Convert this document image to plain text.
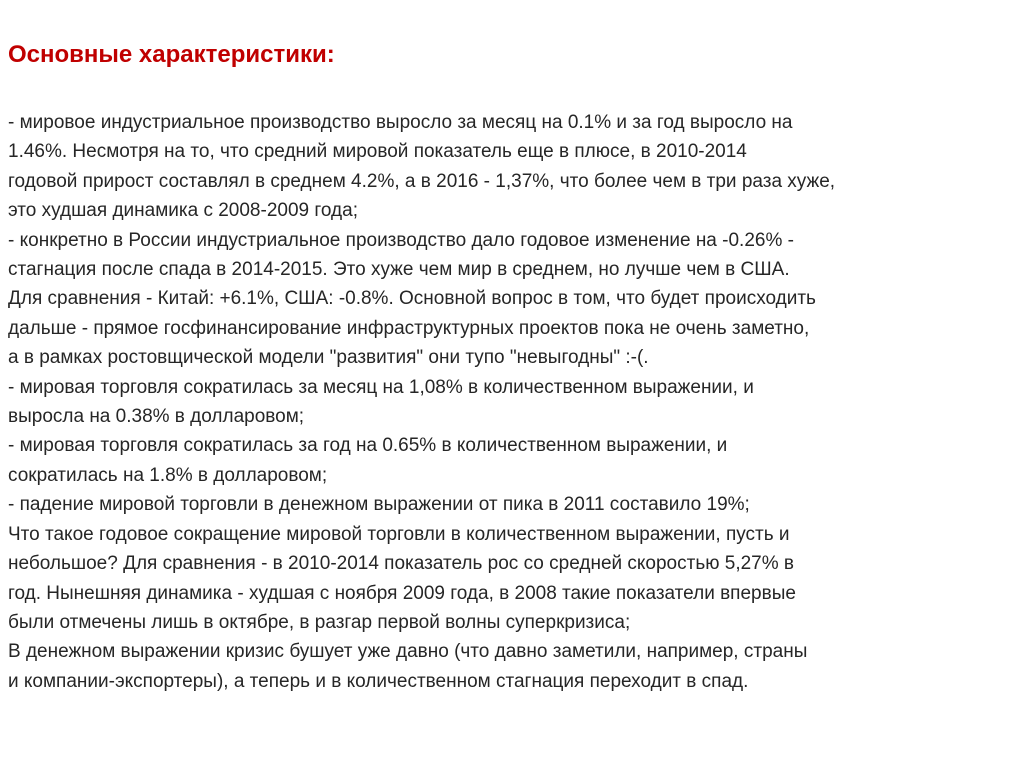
Основные характеристики:
- мировое индустриальное производство выросло за месяц на 0.1% и за год выросло на
1.46%. Несмотря на то, что средний мировой показатель еще в плюсе, в 2010-2014
годовой прирост составлял в среднем 4.2%, а в 2016 - 1,37%, что более чем в три раза хуже,
это худшая динамика с 2008-2009 года;
- конкретно в России индустриальное производство дало годовое изменение на -0.26% -
стагнация после спада в 2014-2015. Это хуже чем мир в среднем, но лучше чем в США.
Для сравнения - Китай: +6.1%, США: -0.8%. Основной вопрос в том, что будет происходить
дальше - прямое госфинансирование инфраструктурных проектов пока не очень заметно,
а в рамках ростовщической модели "развития" они тупо "невыгодны" :-(.
- мировая торговля сократилась за месяц на 1,08% в количественном выражении, и
выросла на 0.38% в долларовом;
- мировая торговля сократилась за год на 0.65% в количественном выражении, и
сократилась на 1.8% в долларовом;
- падение мировой торговли в денежном выражении от пика в 2011 составило 19%;
Что такое годовое сокращение мировой торговли в количественном выражении, пусть и
небольшое? Для сравнения - в 2010-2014 показатель рос со средней скоростью 5,27% в
год. Нынешняя динамика - худшая с ноября 2009 года, в 2008 такие показатели впервые
были отмечены лишь в октябре, в разгар первой волны суперкризиса;
В денежном выражении кризис бушует уже давно (что давно заметили, например, страны
и компании-экспортеры), а теперь и в количественном стагнация переходит в спад.
